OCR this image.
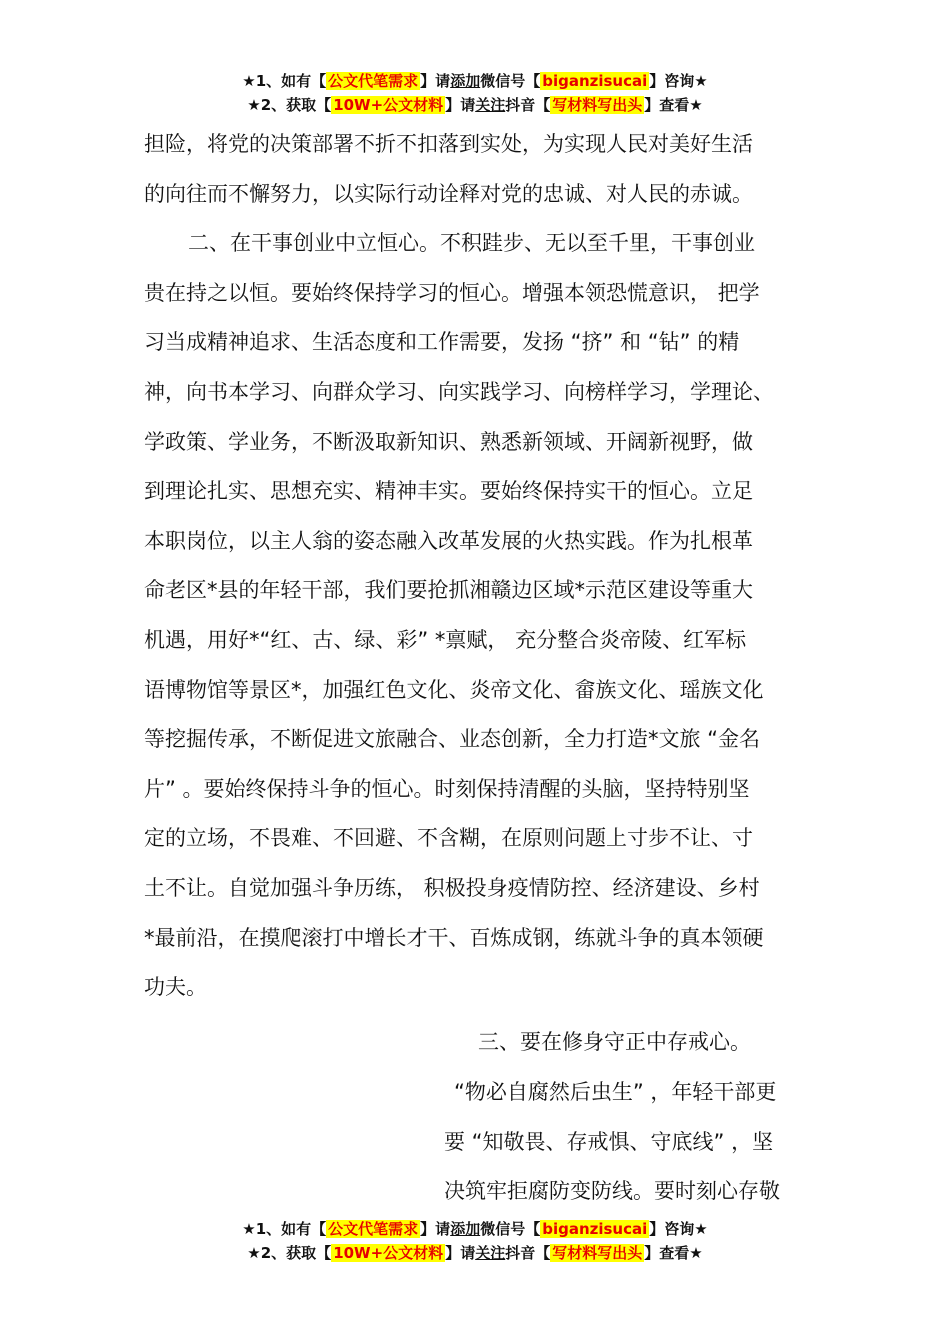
★1、如有【 公文代笔需求 】请添加微信号【 biganzisucai 】咨询★
★2、获取【 10W+公文材料 】请关注抖音【 写材料写出头 】查看★
担险，将党的决策部署不折不扣落到实处，为实现人民对美好生活
的向往而不懈努力，以实际行动诠释对党的忠诚、对人民的赤诚。
二、在干事创业中立恒心。不积跬步、无以至千里，干事创业
贵在持之以恒。要始终保持学习的恒心。增强本领恐慌意识， 把学
习当成精神追求、生活态度和工作需要，发扬 “挤” 和 “钻” 的精
神，向书本学习、向群众学习、向实践学习、向榜样学习，学理论、
学政策、学业务，不断汲取新知识、熟悉新领域、开阔新视野，做
到理论扎实、思想充实、精神丰实。要始终保持实干的恒心。立足
本职岗位，以主人翁的姿态融入改革发展的火热实践。作为扎根革
命老区*县的年轻干部，我们要抢抓湘赣边区域*示范区建设等重大
机遇，用好*“红、古、绿、彩” *禀赋， 充分整合炎帝陵、红军标
语博物馆等景区*，加强红色文化、炎帝文化、畲族文化、瑶族文化
等挖掘传承，不断促进文旅融合、业态创新，全力打造*文旅 “金名
片” 。要始终保持斗争的恒心。时刻保持清醒的头脑，坚持特别坚
定的立场，不畏难、不回避、不含糊，在原则问题上寸步不让、寸
土不让。自觉加强斗争历练， 积极投身疫情防控、经济建设、乡村
*最前沿，在摸爬滚打中增长才干、百炼成钢，练就斗争的真本领硬
功夫。
三、要在修身守正中存戒心。
“物必自腐然后虫生” ，年轻干部更
要 “知敬畏、存戒惧、守底线” ，坚
决筑牢拒腐防变防线。要时刻心存敬
★1、如有【 公文代笔需求 】请添加微信号【 biganzisucai 】咨询★
★2、获取【 10W+公文材料 】请关注抖音【 写材料写出头 】查看★
